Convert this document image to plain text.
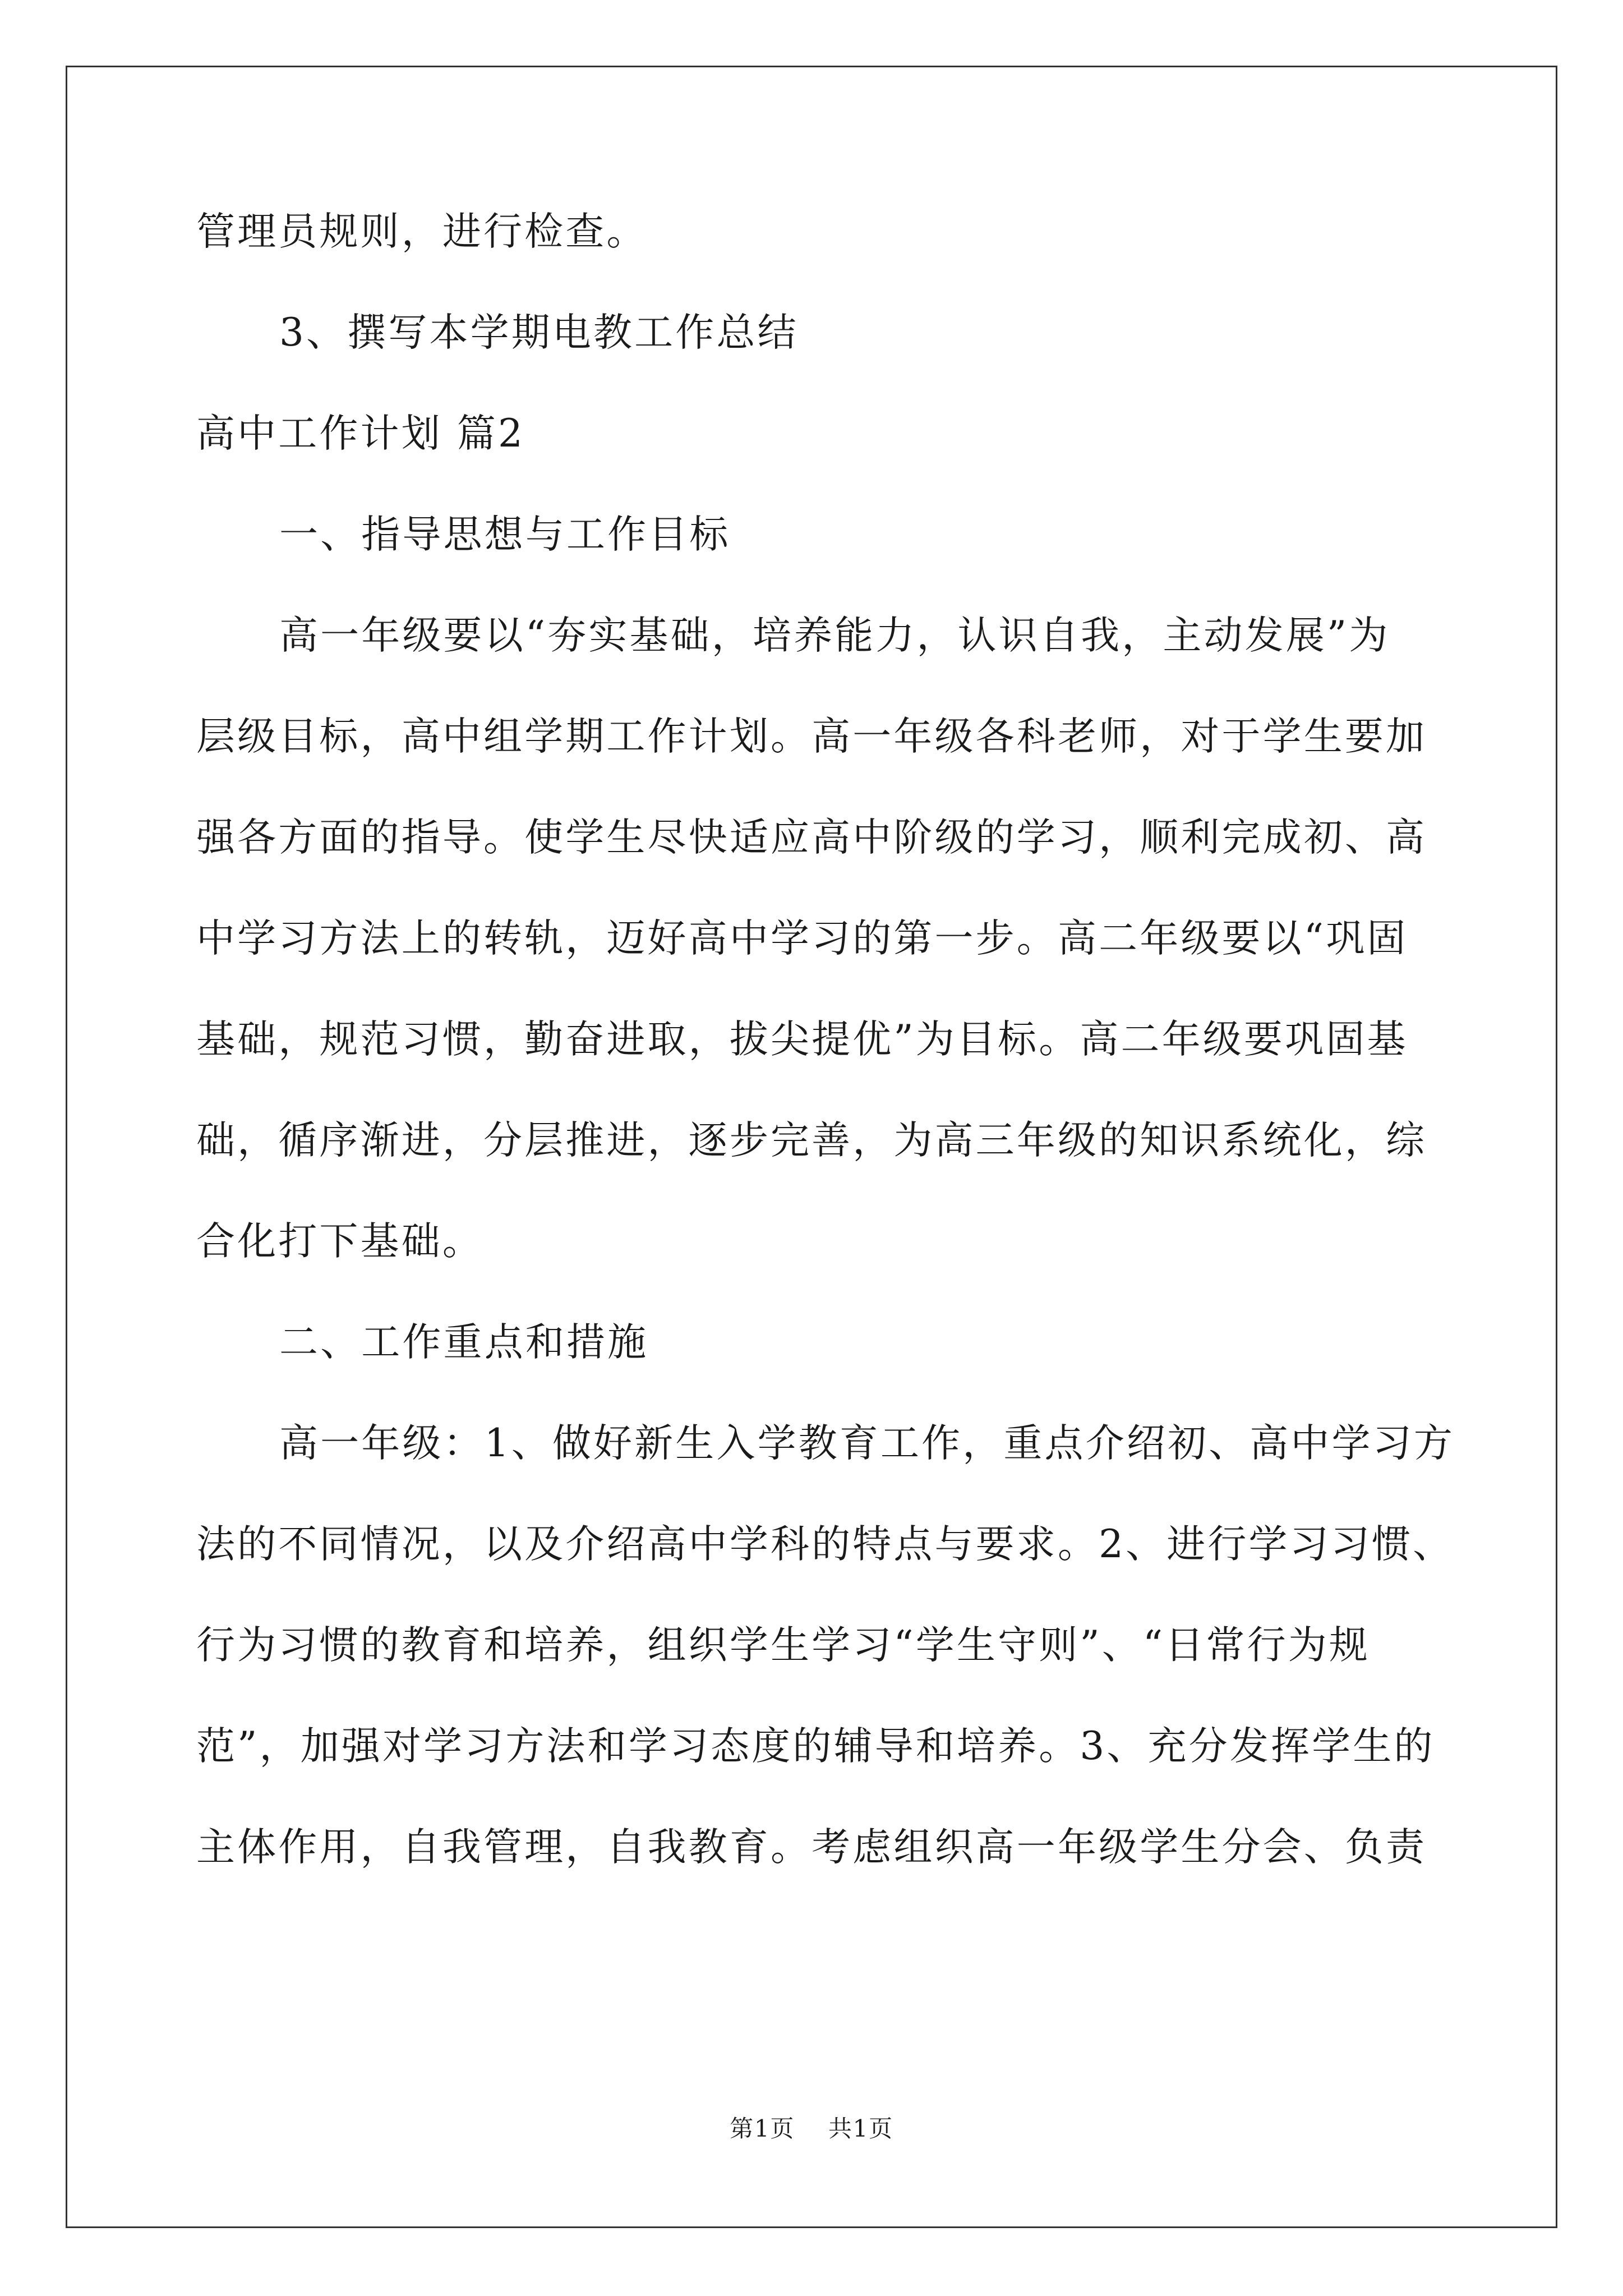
管理员规则，进行检查。
3、撰写本学期电教工作总结
高中工作计划 篇2
一、指导思想与工作目标
高一年级要以“夯实基础，培养能力，认识自我，主动发展”为
层级目标，高中组学期工作计划。高一年级各科老师，对于学生要加
强各方面的指导。使学生尽快适应高中阶级的学习，顺利完成初、高
中学习方法上的转轨，迈好高中学习的第一步。高二年级要以“巩固
基础，规范习惯，勤奋进取，拔尖提优”为目标。高二年级要巩固基
础，循序渐进，分层推进，逐步完善，为高三年级的知识系统化，综
合化打下基础。
二、工作重点和措施
高一年级：1、做好新生入学教育工作，重点介绍初、高中学习方
法的不同情况，以及介绍高中学科的特点与要求。2、进行学习习惯、
行为习惯的教育和培养，组织学生学习“学生守则”、“日常行为规
范”，加强对学习方法和学习态度的辅导和培养。3、充分发挥学生的
主体作用，自我管理，自我教育。考虑组织高一年级学生分会、负责
第1页 共1页
